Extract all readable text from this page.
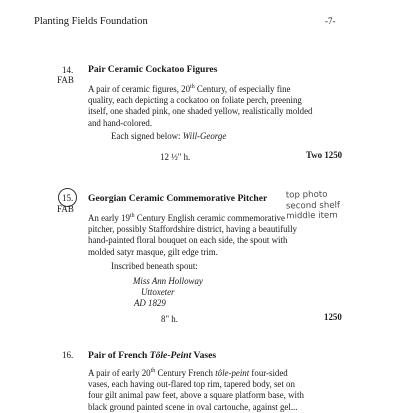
Planting Fields Foundation	-7-
14.
FAB
Pair Ceramic Cockatoo Figures
A pair of ceramic figures, 20th Century, of especially fine
quality, each depicting a cockatoo on foliate perch, preening
itself, one shaded pink, one shaded yellow, realistically molded
and hand-colored.
Each signed below: Will-George
12 ½" h.	Two 1250
15.
FAB
Georgian Ceramic Commemorative Pitcher
An early 19th Century English ceramic commemorative
pitcher, possibly Staffordshire district, having a beautifully
hand-painted floral bouquet on each side, the spout with
molded satyr masque, gilt edge trim.
Inscribed beneath spout:
Miss Ann Holloway
Uttoxeter
AD 1829
8" h.	1250
top photo
second shelf
middle item
16. Pair of French Tôle-Peint Vases
A pair of early 20th Century French tôle-peint four-sided
vases, each having out-flared top rim, tapered body, set on
four gilt animal paw feet, above a square platform base, with
black ground painted scene in oval cartouche, against gel...
